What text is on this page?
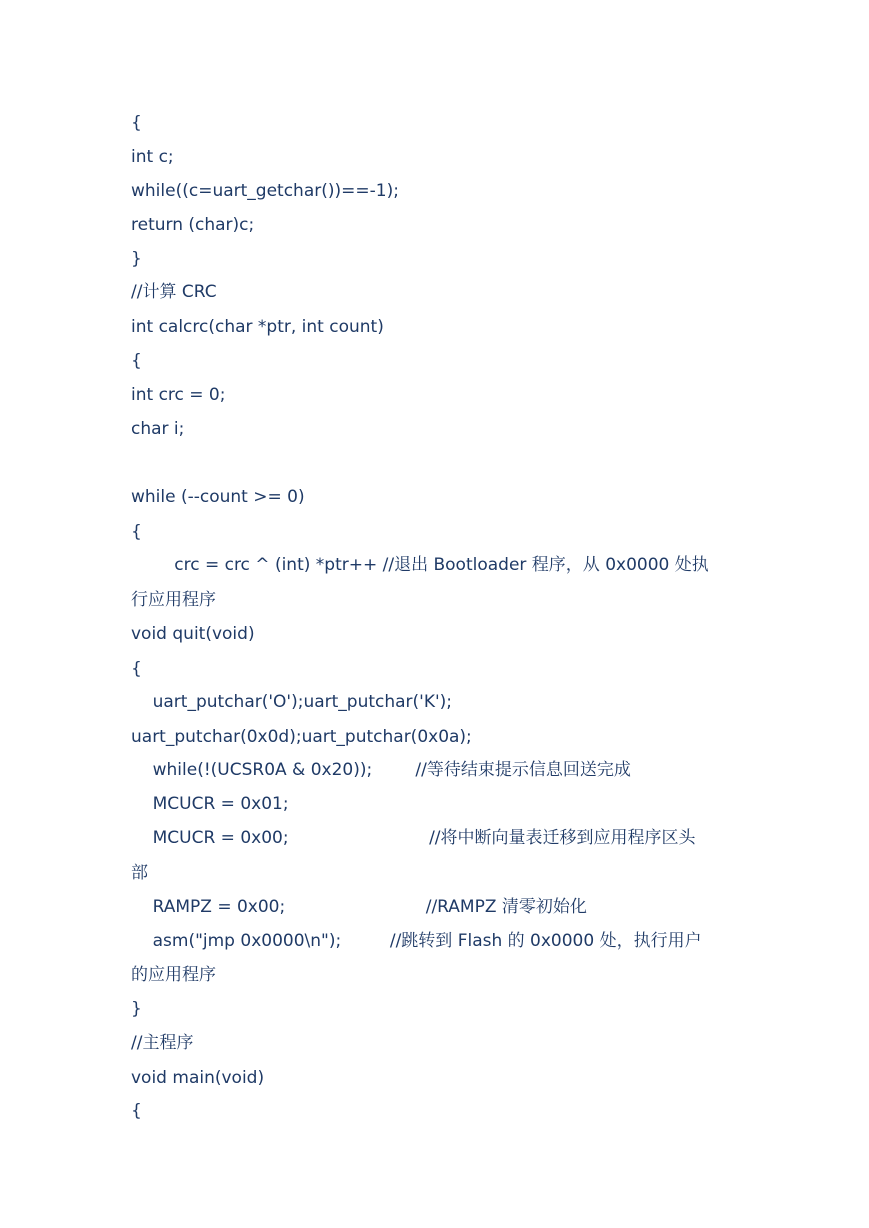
{
int c;
while((c=uart_getchar())==-1);
return (char)c;
}
//计算 CRC
int calcrc(char *ptr, int count)
{
int crc = 0;
char i;
while (--count >= 0)
{
crc = crc ^ (int) *ptr++ //退出 Bootloader 程序，从 0x0000 处执
行应用程序
void quit(void)
{
uart_putchar('O');uart_putchar('K');
uart_putchar(0x0d);uart_putchar(0x0a);
while(!(UCSR0A & 0x20));        //等待结束提示信息回送完成
MCUCR = 0x01;
MCUCR = 0x00;                          //将中断向量表迁移到应用程序区头
部
RAMPZ = 0x00;                          //RAMPZ 清零初始化
asm("jmp 0x0000\n");         //跳转到 Flash 的 0x0000 处，执行用户
的应用程序
}
//主程序
void main(void)
{
